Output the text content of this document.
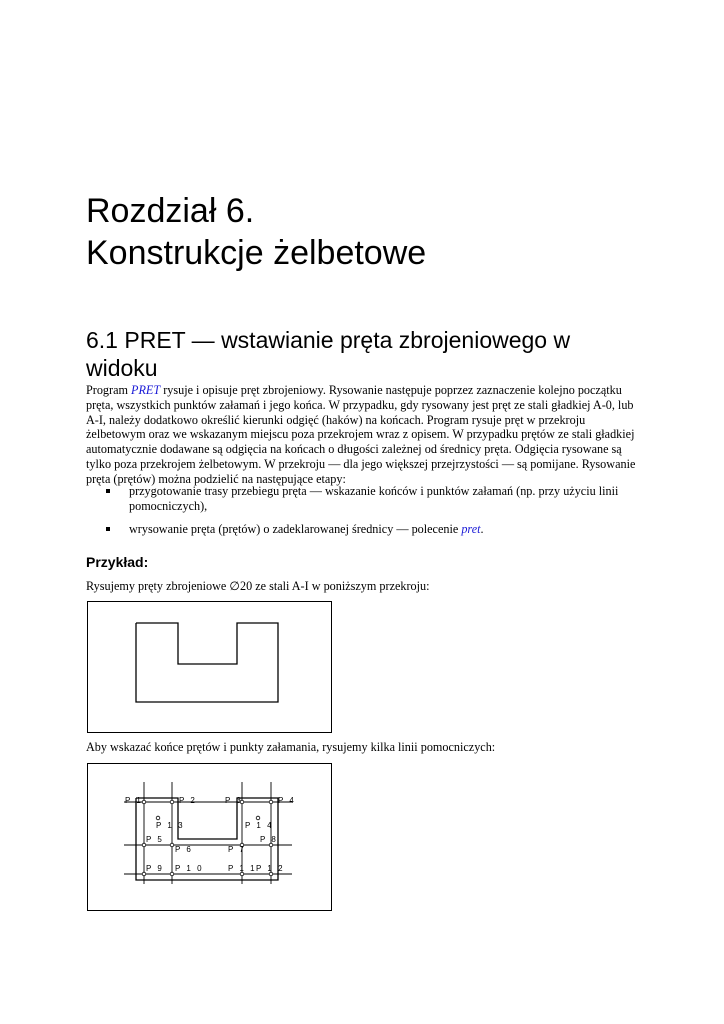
Rozdział 6.
Konstrukcje żelbetowe
6.1 PRET — wstawianie pręta zbrojeniowego w widoku

Program PRET rysuje i opisuje pręt zbrojeniowy. Rysowanie następuje poprzez zaznaczenie kolejno początku pręta, wszystkich punktów załamań i jego końca. W przypadku, gdy rysowany jest pręt ze stali gładkiej A-0, lub A-I, należy dodatkowo określić kierunki odgięć (haków) na końcach. Program rysuje pręt w przekroju żelbetowym oraz we wskazanym miejscu poza przekrojem wraz z opisem. W przypadku prętów ze stali gładkiej automatycznie dodawane są odgięcia na końcach o długości zależnej od średnicy pręta. Odgięcia rysowane są tylko poza przekrojem żelbetowym. W przekroju — dla jego większej przejrzystości — są pomijane. Rysowanie pręta (prętów) można podzielić na następujące etapy:

przygotowanie trasy przebiegu pręta — wskazanie końców i punktów załamań (np. przy użyciu linii pomocniczych),
wrysowanie pręta (prętów) o zadeklarowanej średnicy — polecenie pret.
Przykład:

Rysujemy pręty zbrojeniowe ∅20 ze stali A-I w poniższym przekroju:

Aby wskazać końce prętów i punkty załamania, rysujemy kilka linii pomocniczych:

P 1	P 2	P 3	P 4
P 1 3	P 1 4
P 5	P 8
P 6	P 7
P 9 P 1 0	P 1 1 P 1 2
